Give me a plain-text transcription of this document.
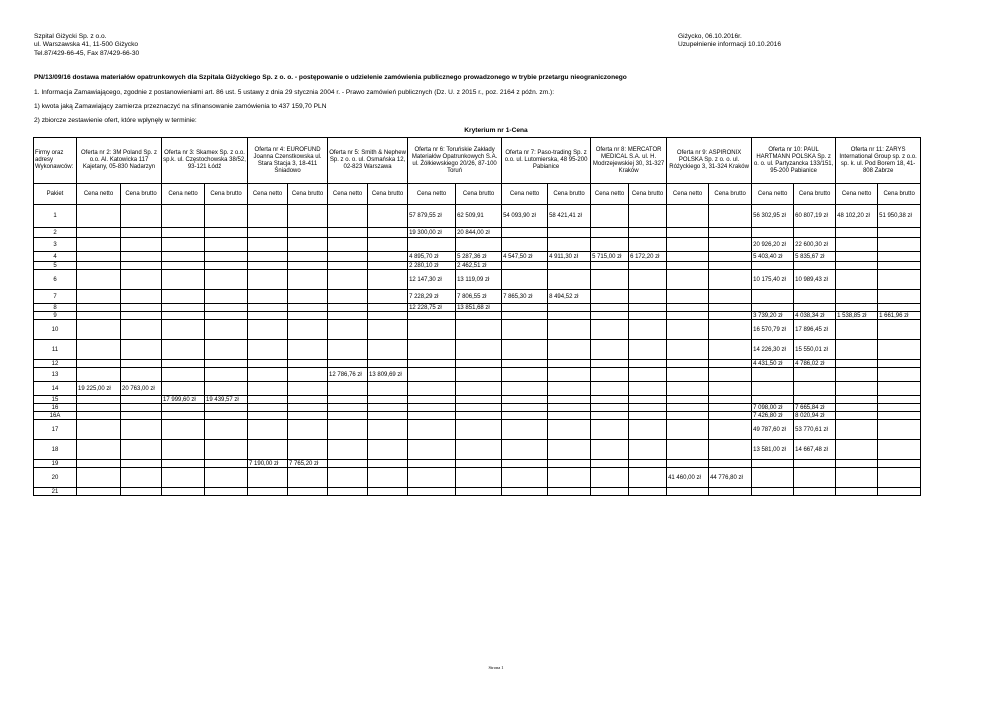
Szpital Giżycki Sp. z o.o.
ul. Warszawska 41, 11-500 Giżycko
Tel.87/429-66-45, Fax 87/429-66-30
Giżycko, 06.10.2016r.
Uzupełnienie informacji 10.10.2016
PN/13/09/16 dostawa materiałów opatrunkowych dla Szpitala Giżyckiego Sp. z o. o. - postępowanie o udzielenie zamówienia publicznego prowadzonego w trybie przetargu nieograniczonego
1. Informacja Zamawiającego, zgodnie z postanowieniami art. 86 ust. 5 ustawy z dnia 29 stycznia 2004 r. - Prawo zamówień publicznych (Dz. U. z 2015 r., poz. 2164 z późn. zm.):
1) kwota jaką Zamawiający zamierza przeznaczyć na sfinansowanie zamówienia to 437 159,70 PLN
2) zbiorcze zestawienie ofert, które wpłynęły w terminie:
Kryterium nr 1-Cena
Firmy oraz adresy Wykonawców:	Oferta nr 2: 3M Poland Sp. z o.o. Al. Katowicka 117 Kajetany, 05-830 Nadarzyn		Oferta nr 3: Skamex Sp. z o.o. sp.k. ul. Częstochowska 38/52, 93-121 Łódź		Oferta nr 4: EUROFUND Joanna Czenstkowska ul. Stara Stacja 3, 18-411 Śniadowo		Oferta nr 5: Smith & Nephew Sp. z o. o. ul. Osmańska 12, 02-823 Warszawa		Oferta nr 6: Toruńskie Zakłady Materiałów Opatrunkowych S.A. ul. Żółkiewskiego 20/26, 87-100 Toruń		Oferta nr 7: Paso-trading Sp. z o.o. ul. Lutomierska, 48 95-200 Pabianice		Oferta nr 8: MERCATOR MEDICAL S.A. ul. H. Modrzejewskiej 30, 31-327 Kraków		Oferta nr 9: ASPIRONIX POLSKA Sp. z o. o. ul. Różyckiego 3, 31-324 Kraków		Oferta nr 10: PAUL HARTMANN POLSKA Sp. z o. o. ul. Partyzancka 133/151, 95-200 Pabianice		Oferta nr 11: ZARYS International Group sp. z o.o. sp. k. ul. Pod Borem 18, 41-808 Zabrze	
Pakiet	Cena netto	Cena brutto	Cena netto	Cena brutto	Cena netto	Cena brutto	Cena netto	Cena brutto	Cena netto	Cena brutto	Cena netto	Cena brutto	Cena netto	Cena brutto	Cena netto	Cena brutto	Cena netto	Cena brutto	Cena netto	Cena brutto
1									57 879,55 zł	62 509,91	54 093,90 zł	58 421,41 zł					56 302,95 zł	60 807,19 zł	48 102,20 zł	51 950,38 zł
2									19 300,00 zł	20 844,00 zł										
3																	20 926,20 zł	22 600,30 zł		
4									4 895,70 zł	5 287,36 zł	4 547,50 zł	4 911,30 zł	5 715,00 zł	6 172,20 zł			5 403,40 zł	5 835,67 zł		
5									2 280,10 zł	2 462,51 zł										
6									12 147,30 zł	13 119,09 zł							10 175,40 zł	10 989,43 zł		
7									7 228,29 zł	7 806,55 zł	7 865,30 zł	8 494,52 zł								
8									12 228,75 zł	13 851,68 zł										
9																	3 739,20 zł	4 038,34 zł	1 538,85 zł	1 661,96 zł
10																	16 570,79 zł	17 896,45 zł		
11																	14 226,30 zł	15 550,01 zł		
12																	4 431,50 zł	4 786,02 zł		
13							12 786,76 zł	13 809,69 zł												
14	19 225,00 zł	20 763,00 zł																		
15			17 999,60 zł	19 439,57 zł																
16																	7 098,00 zł	7 665,84 zł		
16A																	7 426,80 zł	8 020,94 zł		
17																	49 787,60 zł	53 770,61 zł		
18																	13 581,00 zł	14 667,48 zł		
19					7 190,00 zł	7 765,20 zł														
20															41 460,00 zł	44 776,80 zł				
21																				
Strona 1
